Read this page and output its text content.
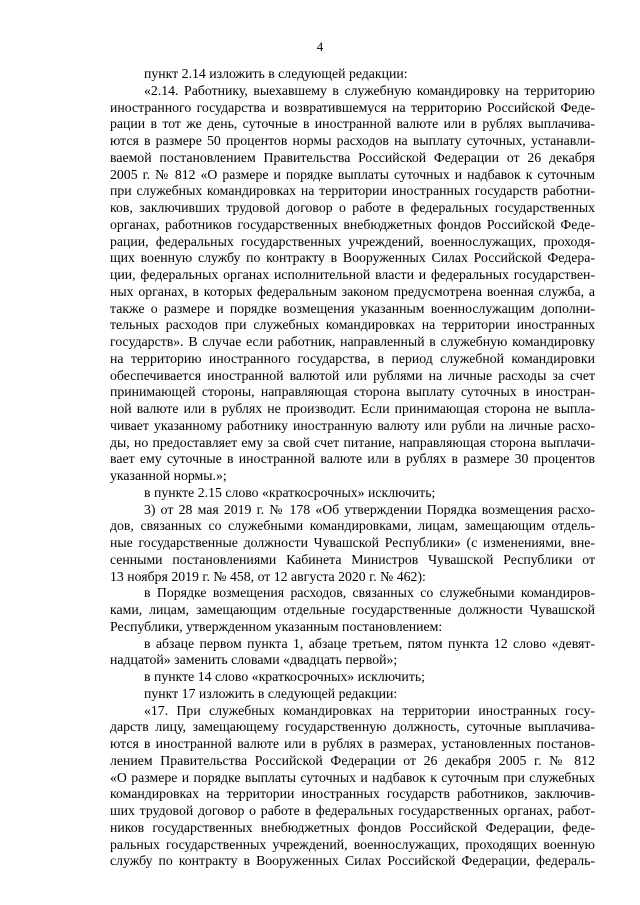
4
пункт 2.14 изложить в следующей редакции:
«2.14. Работнику, выехавшему в служебную командировку на территорию
иностранного государства и возвратившемуся на территорию Российской Феде-
рации в тот же день, суточные в иностранной валюте или в рублях выплачива-
ются в размере 50 процентов нормы расходов на выплату суточных, устанавли-
ваемой постановлением Правительства Российской Федерации от 26 декабря
2005 г. № 812 «О размере и порядке выплаты суточных и надбавок к суточным
при служебных командировках на территории иностранных государств работни-
ков, заключивших трудовой договор о работе в федеральных государственных
органах, работников государственных внебюджетных фондов Российской Феде-
рации, федеральных государственных учреждений, военнослужащих, проходя-
щих военную службу по контракту в Вооруженных Силах Российской Федера-
ции, федеральных органах исполнительной власти и федеральных государствен-
ных органах, в которых федеральным законом предусмотрена военная служба, а
также о размере и порядке возмещения указанным военнослужащим дополни-
тельных расходов при служебных командировках на территории иностранных
государств». В случае если работник, направленный в служебную командировку
на территорию иностранного государства, в период служебной командировки
обеспечивается иностранной валютой или рублями на личные расходы за счет
принимающей стороны, направляющая сторона выплату суточных в иностран-
ной валюте или в рублях не производит. Если принимающая сторона не выпла-
чивает указанному работнику иностранную валюту или рубли на личные расхо-
ды, но предоставляет ему за свой счет питание, направляющая сторона выплачи-
вает ему суточные в иностранной валюте или в рублях в размере 30 процентов
указанной нормы.»;
в пункте 2.15 слово «краткосрочных» исключить;
3) от 28 мая 2019 г. № 178 «Об утверждении Порядка возмещения расхо-
дов, связанных со служебными командировками, лицам, замещающим отдель-
ные государственные должности Чувашской Республики» (с изменениями, вне-
сенными постановлениями Кабинета Министров Чувашской Республики от
13 ноября 2019 г. № 458, от 12 августа 2020 г. № 462):
в Порядке возмещения расходов, связанных со служебными командиров-
ками, лицам, замещающим отдельные государственные должности Чувашской
Республики, утвержденном указанным постановлением:
в абзаце первом пункта 1, абзаце третьем, пятом пункта 12 слово «девят-
надцатой» заменить словами «двадцать первой»;
в пункте 14 слово «краткосрочных» исключить;
пункт 17 изложить в следующей редакции:
«17. При служебных командировках на территории иностранных госу-
дарств лицу, замещающему государственную должность, суточные выплачива-
ются в иностранной валюте или в рублях в размерах, установленных постанов-
лением Правительства Российской Федерации от 26 декабря 2005 г. № 812
«О размере и порядке выплаты суточных и надбавок к суточным при служебных
командировках на территории иностранных государств работников, заключив-
ших трудовой договор о работе в федеральных государственных органах, работ-
ников государственных внебюджетных фондов Российской Федерации, феде-
ральных государственных учреждений, военнослужащих, проходящих военную
службу по контракту в Вооруженных Силах Российской Федерации, федераль-
